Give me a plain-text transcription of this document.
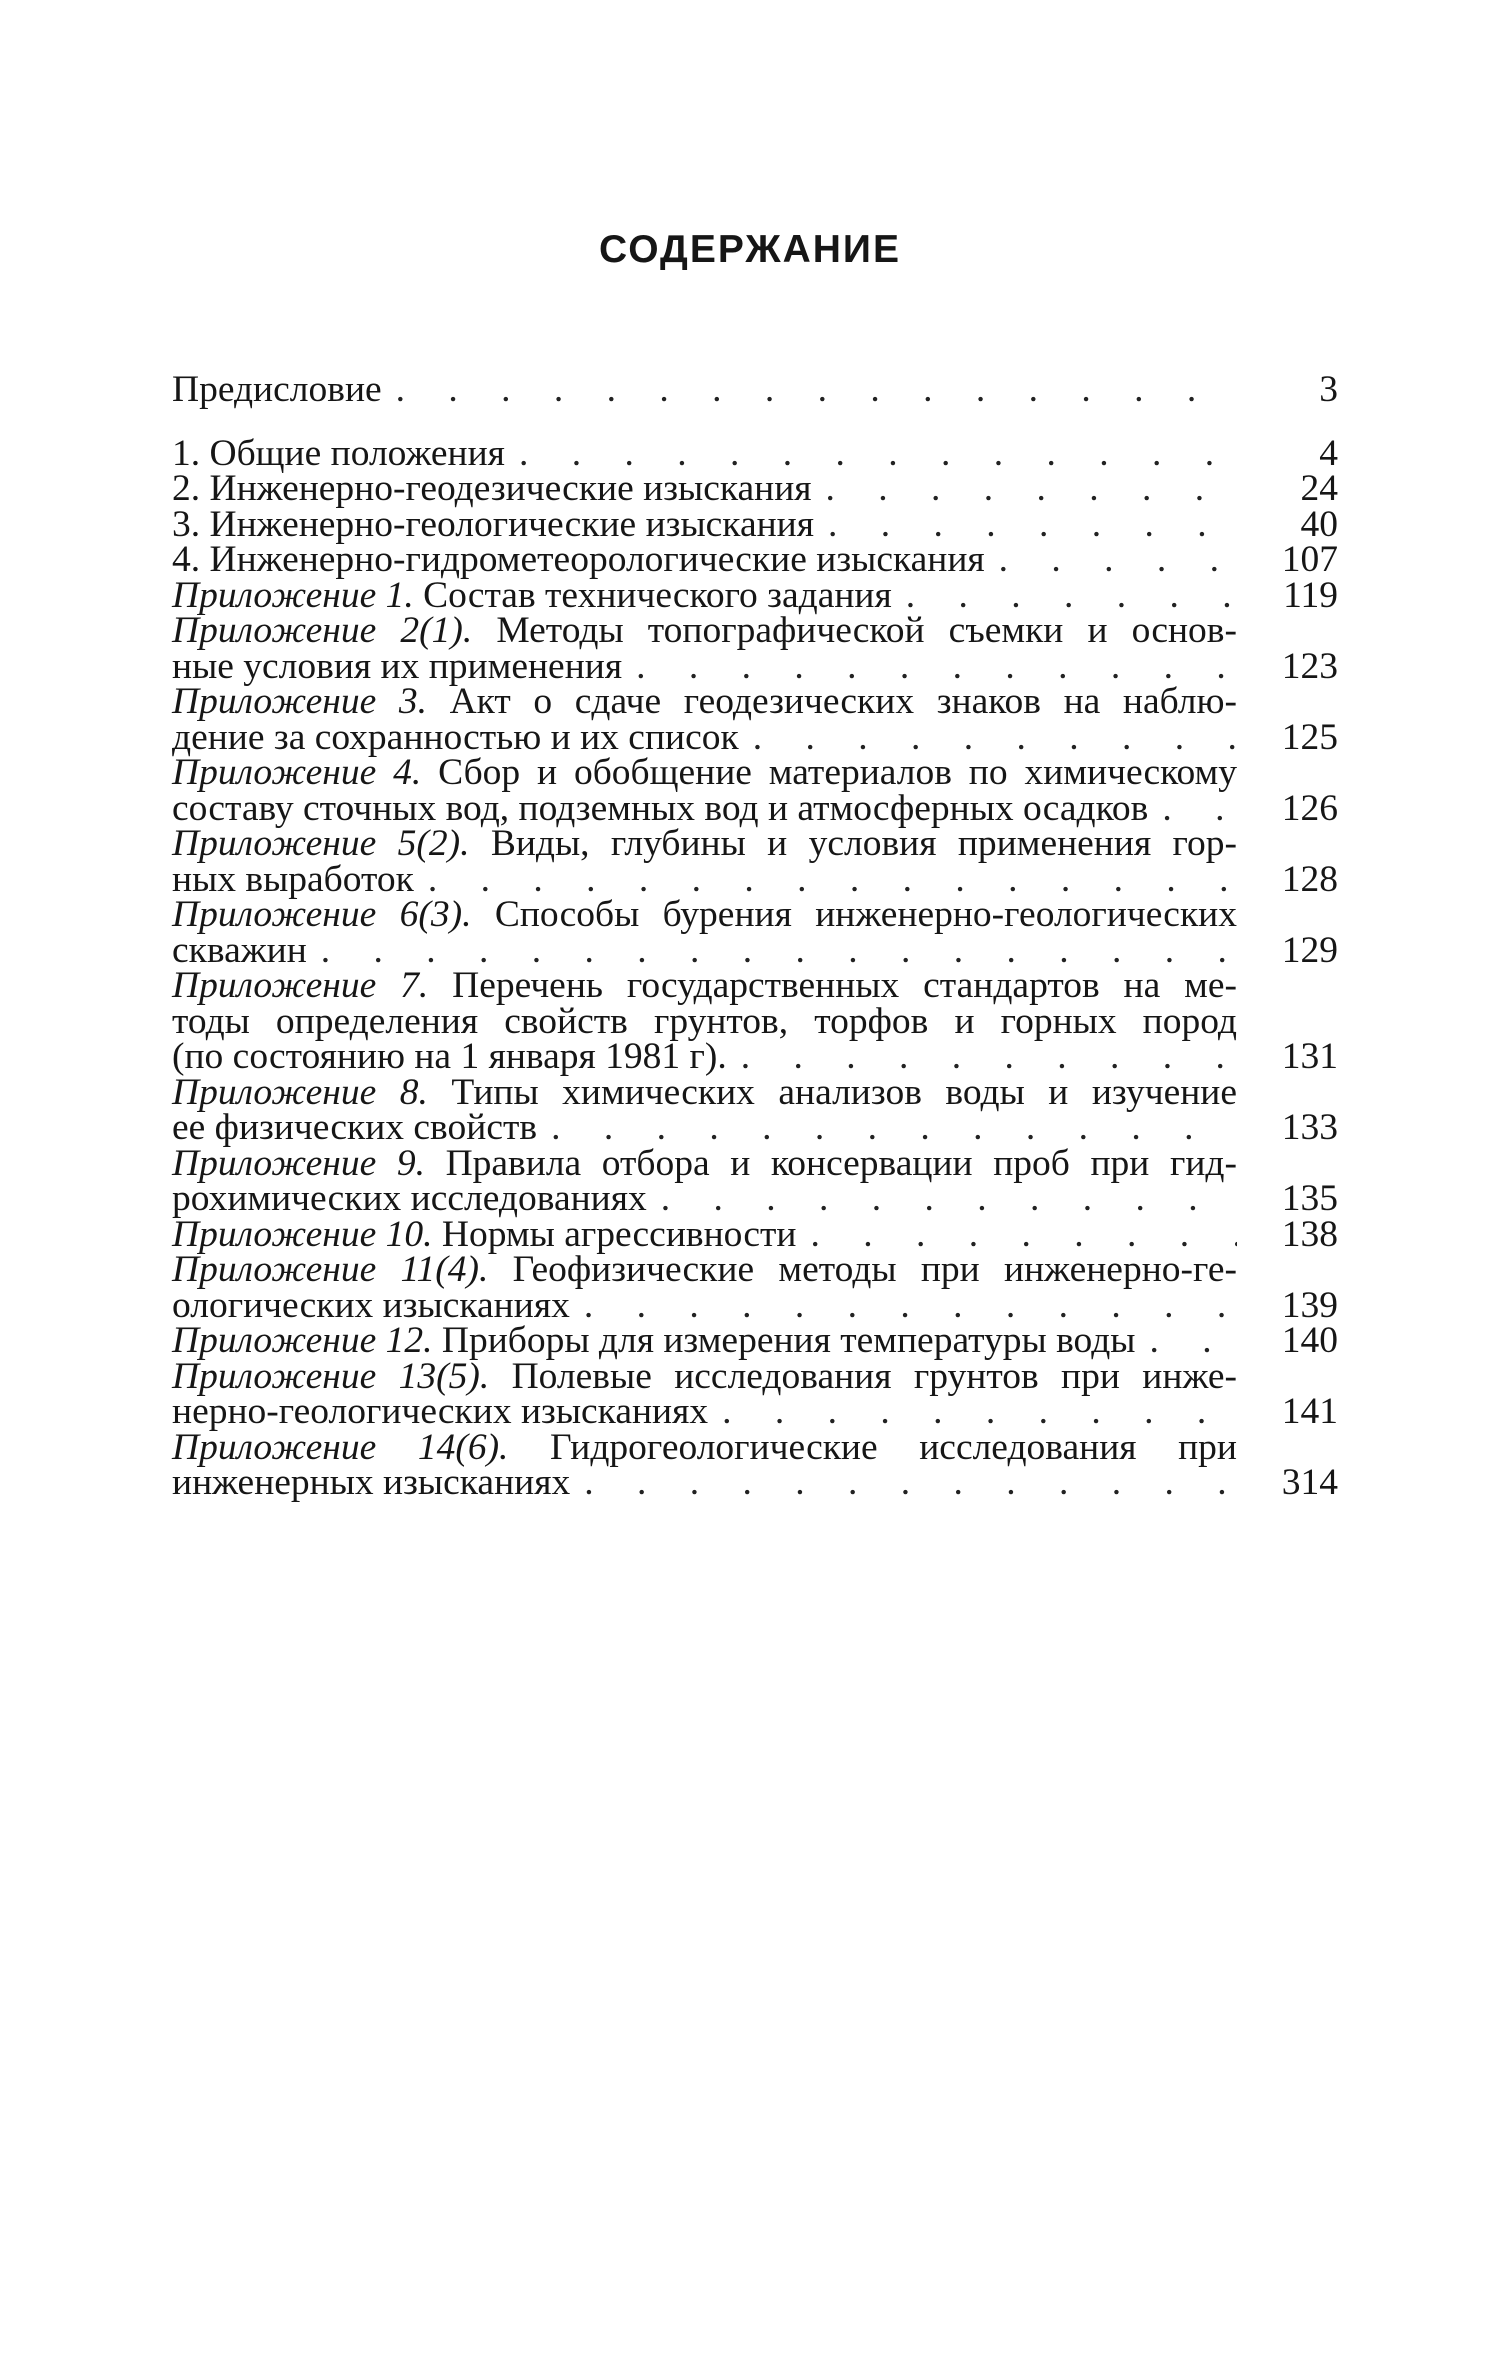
СОДЕРЖАНИЕ
Предисловие . . .	3
1. Общие положения . . .	4
2. Инженерно-геодезические изыскания . . .	24
3. Инженерно-геологические изыскания . . .	40
4. Инженерно-гидрометеорологические изыскания . . .	107
Приложение 1. Состав технического задания . . .	119
Приложение 2(1). Методы топографической съемки и основ-
ные условия их применения . . .	123
Приложение 3. Акт о сдаче геодезических знаков на наблю-
дение за сохранностью и их список . . .	125
Приложение 4. Сбор и обобщение материалов по химическому
составу сточных вод, подземных вод и атмосферных осадков . . .	126
Приложение 5(2). Виды, глубины и условия применения гор-
ных выработок . . .	128
Приложение 6(3). Способы бурения инженерно-геологических
скважин . . .	129
Приложение 7. Перечень государственных стандартов на ме-
тоды определения свойств грунтов, торфов и горных пород
(по состоянию на 1 января 1981 г). . . .	131
Приложение 8. Типы химических анализов воды и изучение
ее физических свойств . . .	133
Приложение 9. Правила отбора и консервации проб при гид-
рохимических исследованиях . . .	135
Приложение 10. Нормы агрессивности . . .	138
Приложение 11(4). Геофизические методы при инженерно-ге-
ологических изысканиях . . .	139
Приложение 12. Приборы для измерения температуры воды . . .	140
Приложение 13(5). Полевые исследования грунтов при инже-
нерно-геологических изысканиях . . .	141
Приложение 14(6). Гидрогеологические исследования при
инженерных изысканиях . . .	314
